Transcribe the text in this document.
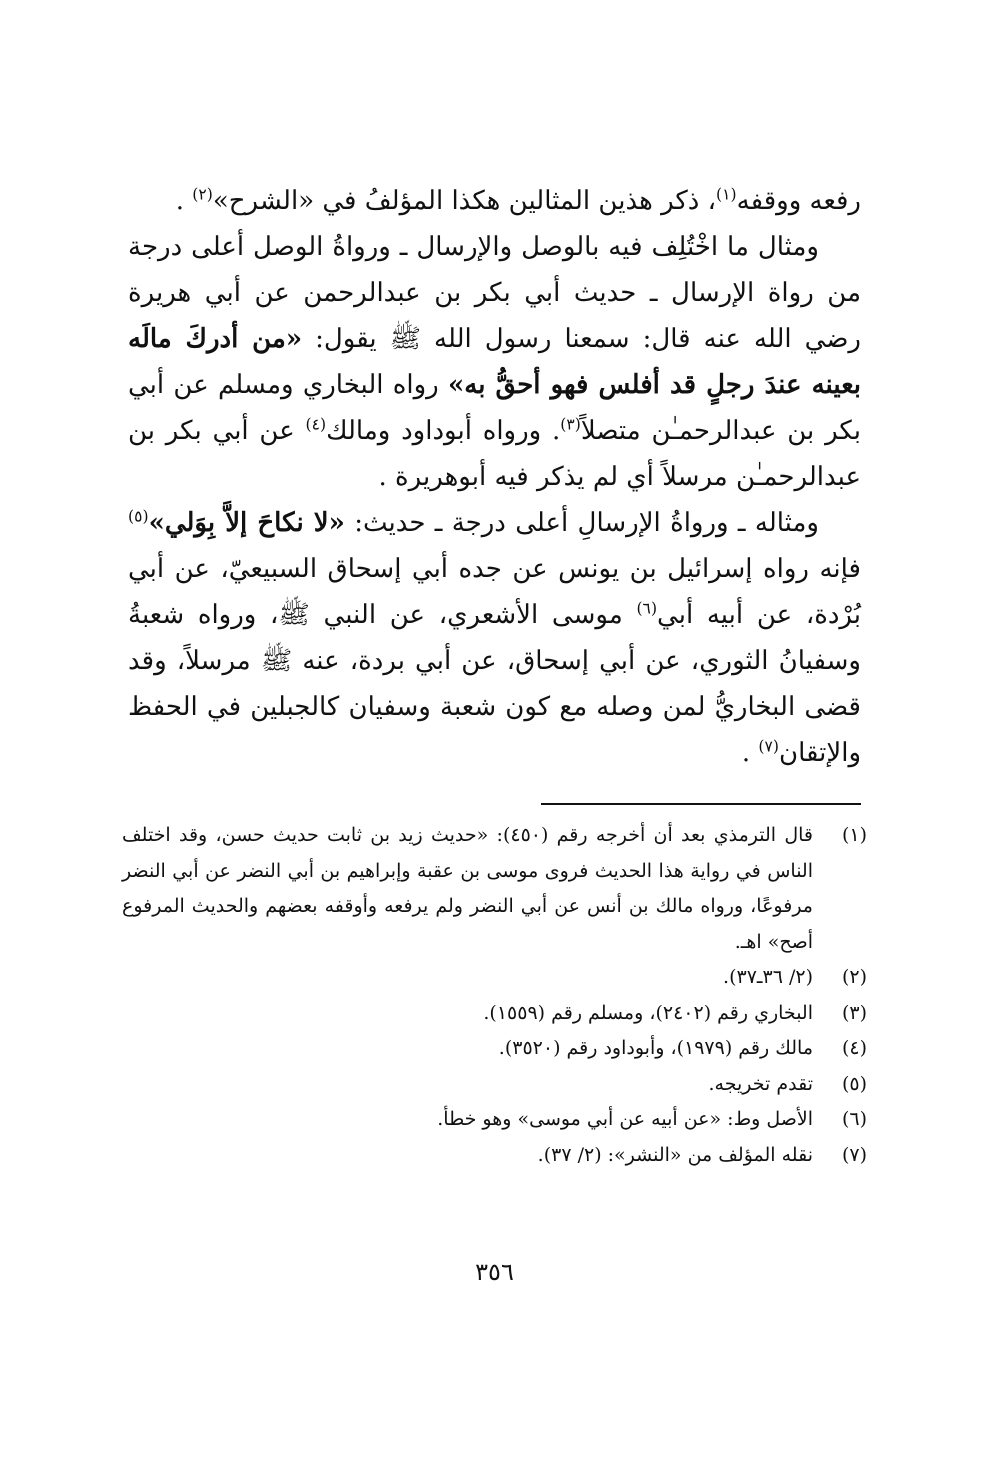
رفعه ووقفه$^{(١)}$، ذكر هذين المثالين هكذا المؤلفُ في «الشرح»$^{(٢)}$ .

ومثال ما اخْتُلِف فيه بالوصل والإرسال ـ ورواةُ الوصل أعلى درجة من رواة الإرسال ـ حديث أبي بكر بن عبدالرحمن عن أبي هريرة رضي الله عنه قال: سمعنا رسول الله ﷺ يقول: «من أدركَ مالَه بعينه عندَ رجلٍ قد أفلس فهو أحقُّ به» رواه البخاري ومسلم عن أبي بكر بن عبدالرحمـٰن متصلاً$^{(٣)}$. ورواه أبوداود ومالك$^{(٤)}$ عن أبي بكر بن عبدالرحمـٰن مرسلاً أي لم يذكر فيه أبوهريرة .

ومثاله ـ ورواةُ الإرسالِ أعلى درجة ـ حديث: «لا نكاحَ إلاَّ بِوَلي»$^{(٥)}$ فإنه رواه إسرائيل بن يونس عن جده أبي إسحاق السبيعيّ، عن أبي بُرْدة، عن أبيه أبي$^{(٦)}$ موسى الأشعري، عن النبي ﷺ، ورواه شعبةُ وسفيانُ الثوري، عن أبي إسحاق، عن أبي بردة، عنه ﷺ مرسلاً، وقد قضى البخاريُّ لمن وصله مع كون شعبة وسفيان كالجبلين في الحفظ والإتقان$^{(٧)}$ .

(١)
قال الترمذي بعد أن أخرجه رقم (٤٥٠): «حديث زيد بن ثابت حديث حسن، وقد اختلف الناس في رواية هذا الحديث فروى موسى بن عقبة وإبراهيم بن أبي النضر عن أبي النضر مرفوعًا، ورواه مالك بن أنس عن أبي النضر ولم يرفعه وأوقفه بعضهم والحديث المرفوع أصح» اهـ.
(٢)
(٢/ ٣٦ـ٣٧).
(٣)
البخاري رقم (٢٤٠٢)، ومسلم رقم (١٥٥٩).
(٤)
مالك رقم (١٩٧٩)، وأبوداود رقم (٣٥٢٠).
(٥)
تقدم تخريجه.
(٦)
الأصل وط: «عن أبيه عن أبي موسى» وهو خطأ.
(٧)
نقله المؤلف من «النشر»: (٢/ ٣٧).
٣٥٦
